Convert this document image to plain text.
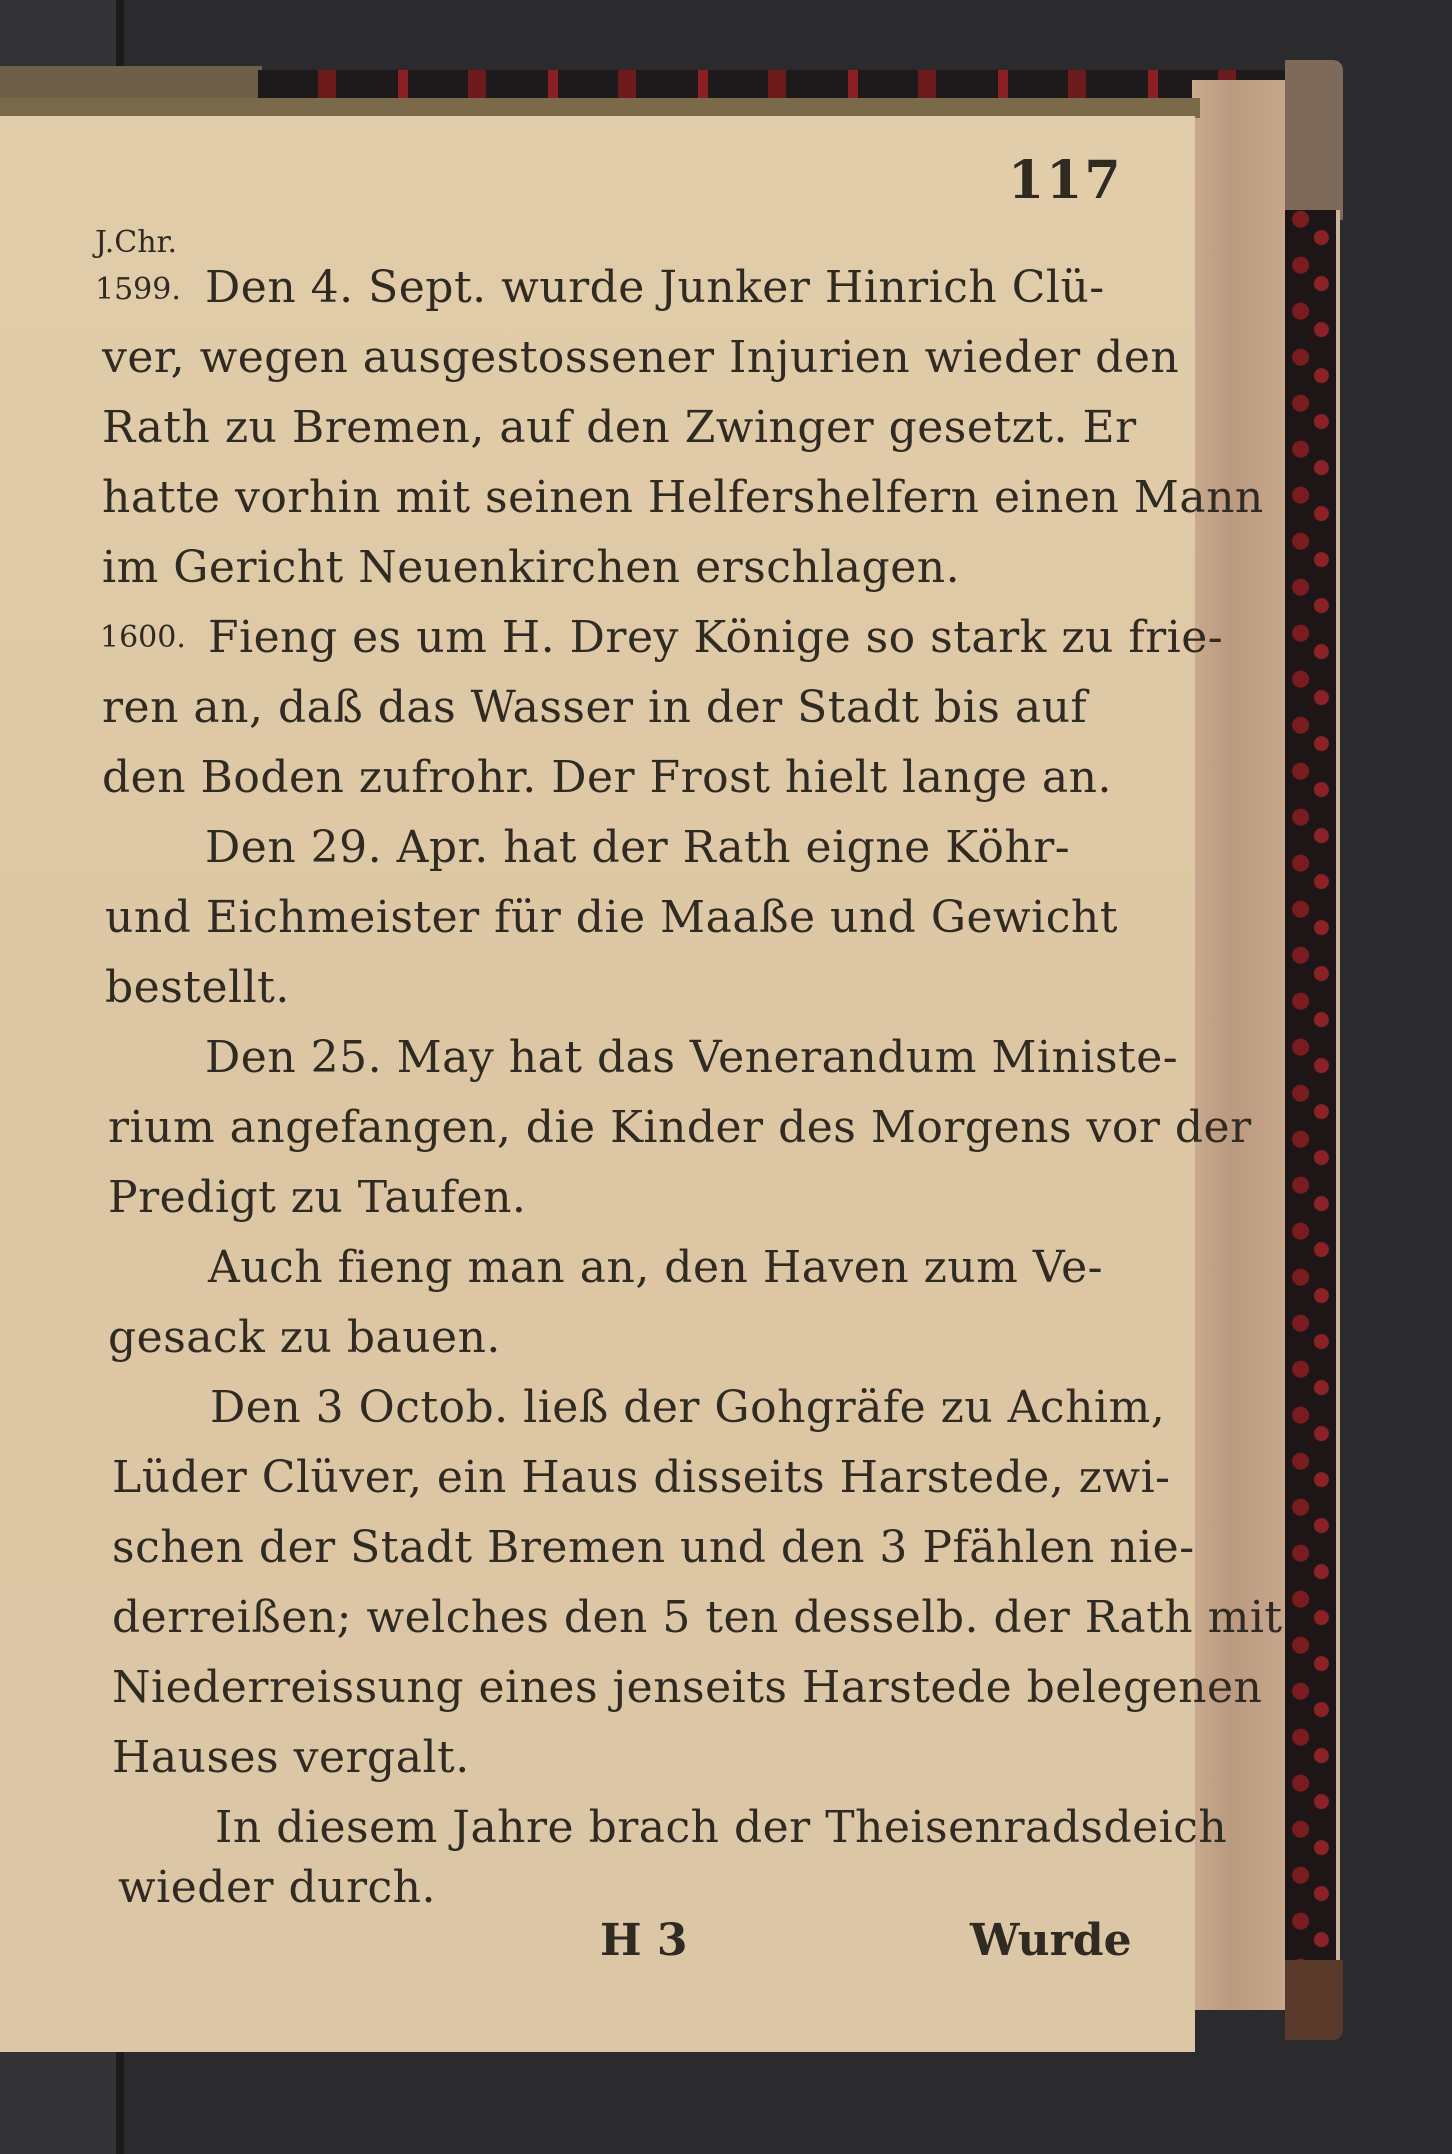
117
J.Chr.
1599.
1600.
Den 4. Sept. wurde Junker Hinrich Clü-
ver, wegen ausgestossener Injurien wieder den
Rath zu Bremen, auf den Zwinger gesetzt. Er
hatte vorhin mit seinen Helfershelfern einen Mann
im Gericht Neuenkirchen erschlagen.
Fieng es um H. Drey Könige so stark zu frie-
ren an, daß das Wasser in der Stadt bis auf
den Boden zufrohr. Der Frost hielt lange an.
Den 29. Apr. hat der Rath eigne Köhr-
und Eichmeister für die Maaße und Gewicht
bestellt.
Den 25. May hat das Venerandum Ministe-
rium angefangen, die Kinder des Morgens vor der
Predigt zu Taufen.
Auch fieng man an, den Haven zum Ve-
gesack zu bauen.
Den 3 Octob. ließ der Gohgräfe zu Achim,
Lüder Clüver, ein Haus disseits Harstede, zwi-
schen der Stadt Bremen und den 3 Pfählen nie-
derreißen; welches den 5 ten desselb. der Rath mit
Niederreissung eines jenseits Harstede belegenen
Hauses vergalt.
In diesem Jahre brach der Theisenradsdeich
wieder durch.
H 3	Wurde
